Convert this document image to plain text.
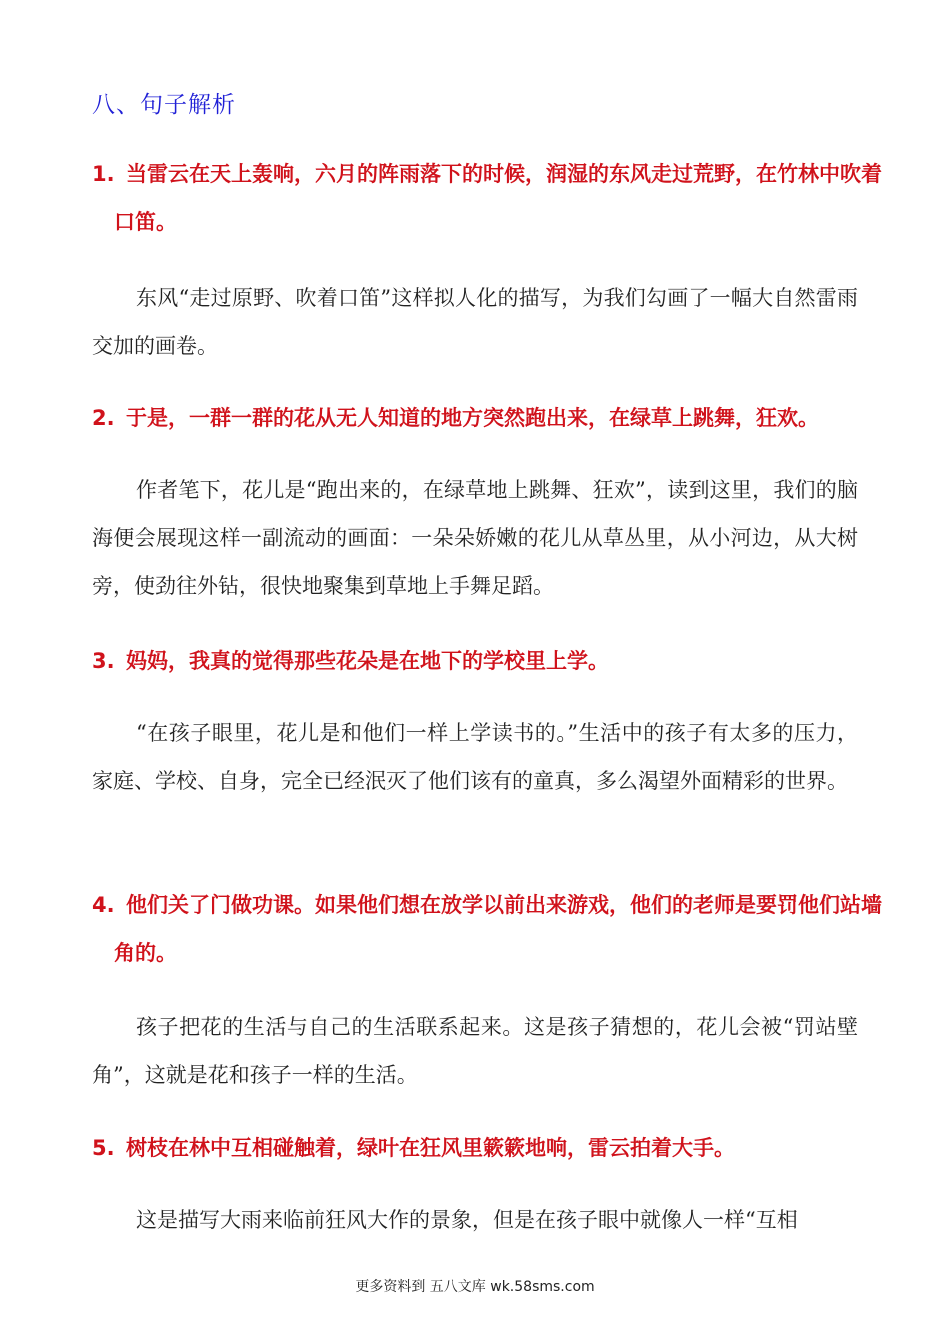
八、句子解析
1. 当雷云在天上轰响，六月的阵雨落下的时候，润湿的东风走过荒野，在竹林中吹着口笛。
东风“走过原野、吹着口笛”这样拟人化的描写，为我们勾画了一幅大自然雷雨交加的画卷。
2. 于是，一群一群的花从无人知道的地方突然跑出来，在绿草上跳舞，狂欢。
作者笔下，花儿是“跑出来的，在绿草地上跳舞、狂欢”，读到这里，我们的脑海便会展现这样一副流动的画面：一朵朵娇嫩的花儿从草丛里，从小河边，从大树旁，使劲往外钻，很快地聚集到草地上手舞足蹈。
3. 妈妈，我真的觉得那些花朵是在地下的学校里上学。
“在孩子眼里，花儿是和他们一样上学读书的。”生活中的孩子有太多的压力，家庭、学校、自身，完全已经泯灭了他们该有的童真，多么渴望外面精彩的世界。
4. 他们关了门做功课。如果他们想在放学以前出来游戏，他们的老师是要罚他们站墙角的。
孩子把花的生活与自己的生活联系起来。这是孩子猜想的，花儿会被“罚站壁角”，这就是花和孩子一样的生活。
5. 树枝在林中互相碰触着，绿叶在狂风里簌簌地响，雷云拍着大手。
这是描写大雨来临前狂风大作的景象，但是在孩子眼中就像人一样“互相
更多资料到 五八文库 wk.58sms.com
